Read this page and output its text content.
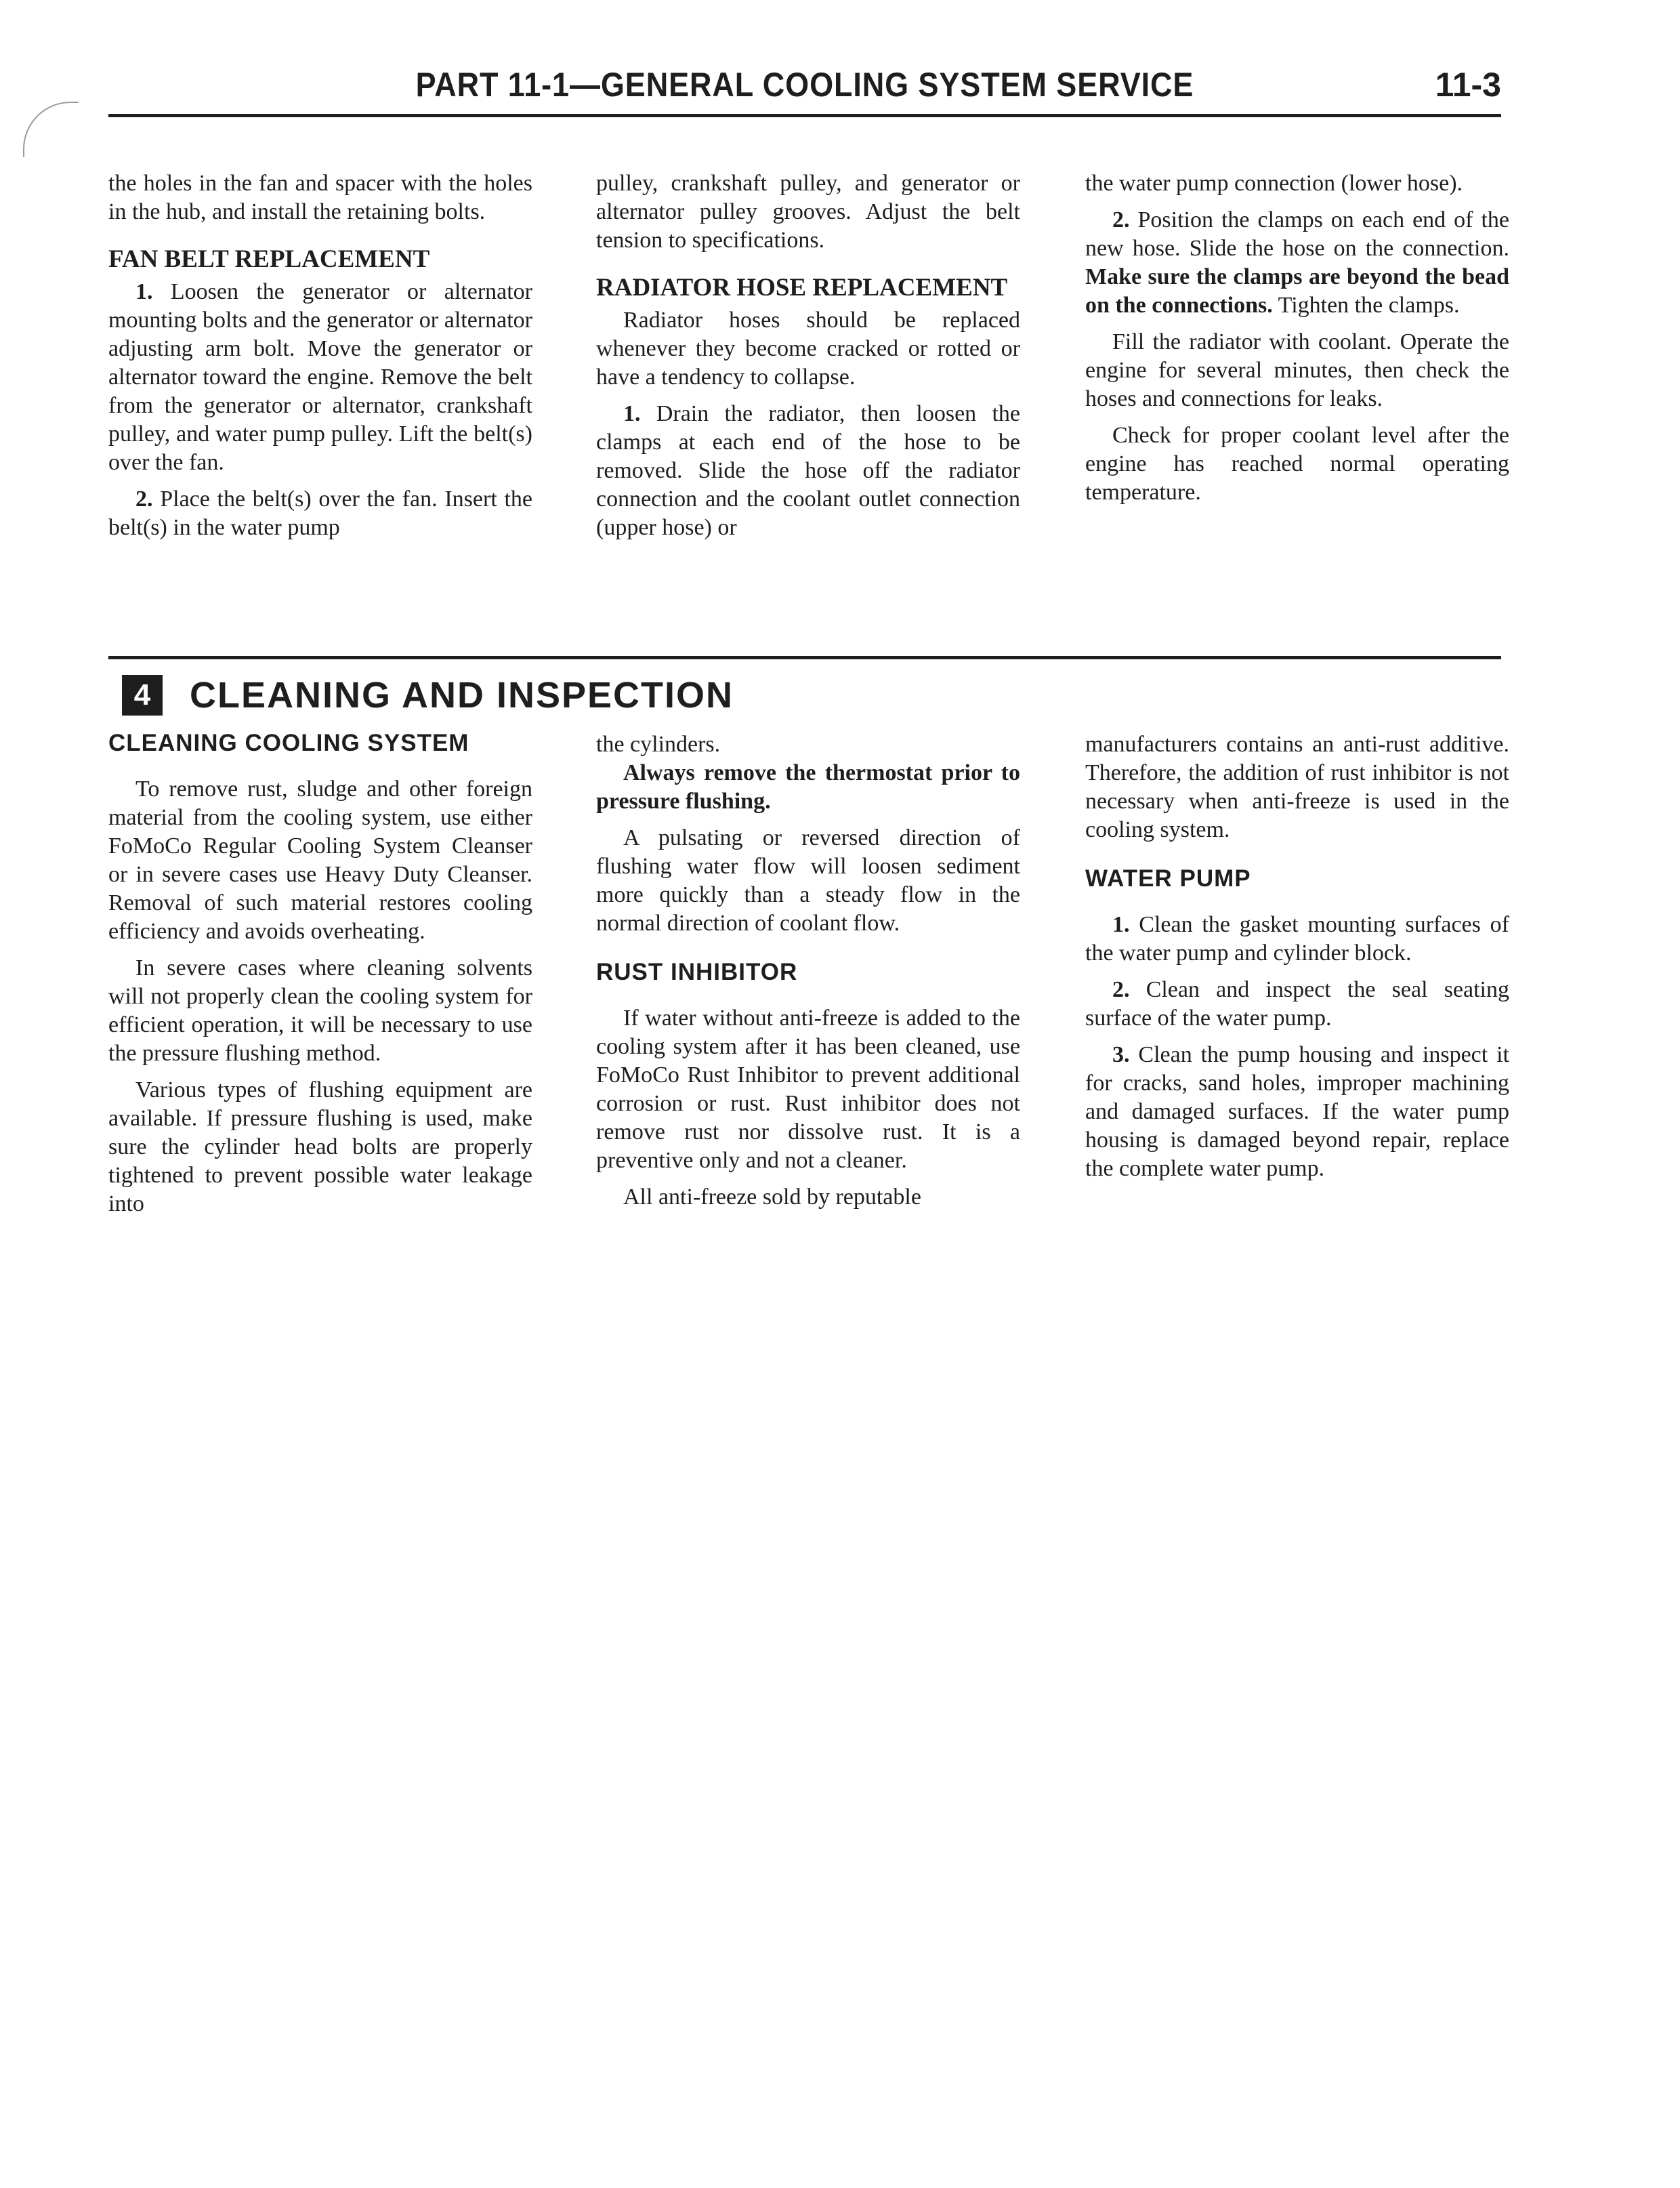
PART 11-1—GENERAL COOLING SYSTEM SERVICE	11-3

the holes in the fan and spacer with the holes in the hub, and install the retaining bolts.

FAN BELT REPLACEMENT

1. Loosen the generator or alternator mounting bolts and the generator or alternator adjusting arm bolt. Move the generator or alternator toward the engine. Remove the belt from the generator or alternator, crankshaft pulley, and water pump pulley. Lift the belt(s) over the fan.

2. Place the belt(s) over the fan. Insert the belt(s) in the water pump

pulley, crankshaft pulley, and generator or alternator pulley grooves. Adjust the belt tension to specifications.

RADIATOR HOSE REPLACEMENT

Radiator hoses should be replaced whenever they become cracked or rotted or have a tendency to collapse.

1. Drain the radiator, then loosen the clamps at each end of the hose to be removed. Slide the hose off the radiator connection and the coolant outlet connection (upper hose) or

the water pump connection (lower hose).

2. Position the clamps on each end of the new hose. Slide the hose on the connection. Make sure the clamps are beyond the bead on the connections. Tighten the clamps.

Fill the radiator with coolant. Operate the engine for several minutes, then check the hoses and connections for leaks.

Check for proper coolant level after the engine has reached normal operating temperature.

4	CLEANING AND INSPECTION
CLEANING COOLING SYSTEM

To remove rust, sludge and other foreign material from the cooling system, use either FoMoCo Regular Cooling System Cleanser or in severe cases use Heavy Duty Cleanser. Removal of such material restores cooling efficiency and avoids overheating.

In severe cases where cleaning solvents will not properly clean the cooling system for efficient operation, it will be necessary to use the pressure flushing method.

Various types of flushing equipment are available. If pressure flushing is used, make sure the cylinder head bolts are properly tightened to prevent possible water leakage into

the cylinders.

Always remove the thermostat prior to pressure flushing.

A pulsating or reversed direction of flushing water flow will loosen sediment more quickly than a steady flow in the normal direction of coolant flow.

RUST INHIBITOR

If water without anti-freeze is added to the cooling system after it has been cleaned, use FoMoCo Rust Inhibitor to prevent additional corrosion or rust. Rust inhibitor does not remove rust nor dissolve rust. It is a preventive only and not a cleaner.

All anti-freeze sold by reputable

manufacturers contains an anti-rust additive. Therefore, the addition of rust inhibitor is not necessary when anti-freeze is used in the cooling system.

WATER PUMP

1. Clean the gasket mounting surfaces of the water pump and cylinder block.

2. Clean and inspect the seal seating surface of the water pump.

3. Clean the pump housing and inspect it for cracks, sand holes, improper machining and damaged surfaces. If the water pump housing is damaged beyond repair, replace the complete water pump.
